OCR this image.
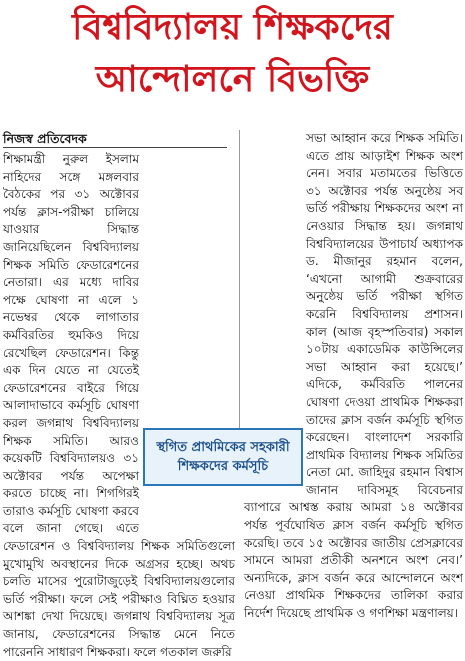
বিশ্ববিদ্যালয় শিক্ষকদের
আন্দোলনে বিভক্তি
নিজস্ব প্রতিবেদক
শিক্ষামন্ত্রী নুরুল ইসলাম নাহিদের সঙ্গে মঙ্গলবার বৈঠকের পর ৩১ অক্টোবর পর্যন্ত ক্লাস-পরীক্ষা চালিয়ে যাওয়ার সিদ্ধান্ত জানিয়েছিলেন বিশ্ববিদ্যালয় শিক্ষক সমিতি ফেডারেশনের নেতারা। এর মধ্যে দাবির পক্ষে ঘোষণা না এলে ১ নভেম্বর থেকে লাগাতার কর্মবিরতির হুমকিও দিয়ে রেখেছিল ফেডারেশন। কিন্তু এক দিন যেতে না যেতেই ফেডারেশনের বাইরে গিয়ে আলাদাভাবে কর্মসূচি ঘোষণা করল জগন্নাথ বিশ্ববিদ্যালয় শিক্ষক সমিতি। আরও কয়েকটি বিশ্ববিদ্যালয়ও ৩১ অক্টোবর পর্যন্ত অপেক্ষা করতে চাচ্ছে না। শিগগিরই তারাও কর্মসূচি ঘোষণা করবে বলে জানা গেছে। এতে ফেডারেশন ও বিশ্ববিদ্যালয় শিক্ষক সমিতিগুলো মুখোমুখি অবস্থানের দিকে অগ্রসর হচ্ছে। অথচ চলতি মাসের পুরোটাজুড়েই বিশ্ববিদ্যালয়গুলোর ভর্তি পরীক্ষা। ফলে সেই পরীক্ষাও বিঘ্নিত হওয়ার আশঙ্কা দেখা দিয়েছে। জগন্নাথ বিশ্ববিদ্যালয় সূত্র জানায়, ফেডারেশনের সিদ্ধান্ত মেনে নিতে পারেননি সাধারণ শিক্ষকরা। ফলে গতকাল জরুরি
সভা আহ্বান করে শিক্ষক সমিতি। এতে প্রায় আড়াইশ শিক্ষক অংশ নেন। সবার মতামতের ভিত্তিতে ৩১ অক্টোবর পর্যন্ত অনুষ্ঠেয় সব ভর্তি পরীক্ষায় শিক্ষকদের অংশ না নেওয়ার সিদ্ধান্ত হয়। জগন্নাথ বিশ্ববিদ্যালয়ের উপাচার্য অধ্যাপক ড. মীজানুর রহমান বলেন, ‘এখনো আগামী শুক্রবারের অনুষ্ঠেয় ভর্তি পরীক্ষা স্থগিত করেনি বিশ্ববিদ্যালয় প্রশাসন। কাল (আজ বৃহস্পতিবার) সকাল ১০টায় একাডেমিক কাউন্সিলের সভা আহ্বান করা হয়েছে।’ এদিকে, কর্মবিরতি পালনের ঘোষণা দেওয়া প্রাথমিক শিক্ষকরা তাদের ক্লাস বর্জন কর্মসূচি স্থগিত করেছেন। বাংলাদেশ সরকারি প্রাথমিক বিদ্যালয় শিক্ষক সমিতির নেতা মো. জাহিদুর রহমান বিশ্বাস জানান দাবিসমূহ বিবেচনার ব্যাপারে আশ্বস্ত করায় আমরা ১৪ অক্টোবর পর্যন্ত পূর্বঘোষিত ক্লাস বর্জন কর্মসূচি স্থগিত করেছি। তবে ১৫ অক্টোবর জাতীয় প্রেসক্লাবের সামনে আমরা প্রতীকী অনশনে অংশ নেব।’ অন্যদিকে, ক্লাস বর্জন করে আন্দোলনে অংশ নেওয়া প্রাথমিক শিক্ষকদের তালিকা করার নির্দেশ দিয়েছে প্রাথমিক ও গণশিক্ষা মন্ত্রণালয়।
স্থগিত প্রাথমিকের সহকারী
শিক্ষকদের কর্মসূচি
